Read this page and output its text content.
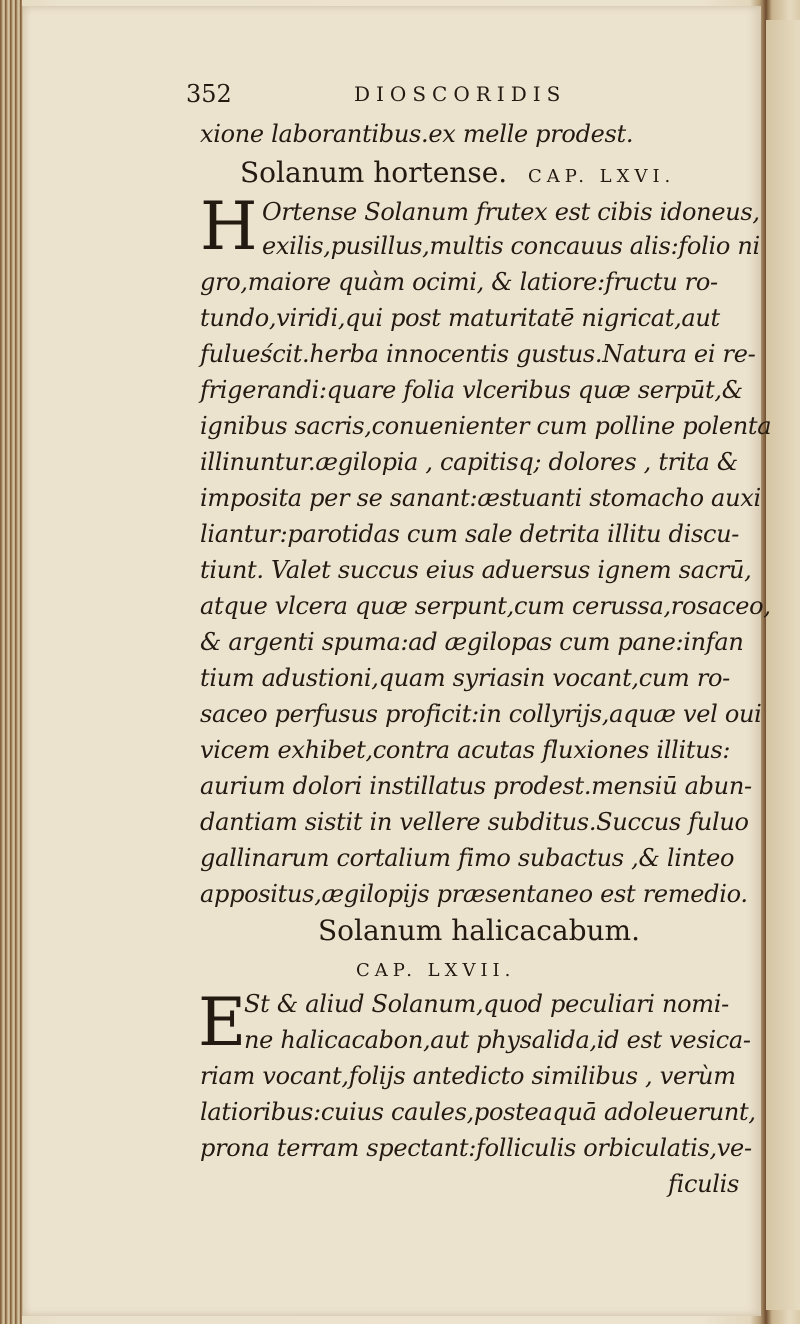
352	DIOSCORIDIS
xione laborantibus.ex melle prodest.
Solanum hortense. CAP. LXVI.
H Ortense Solanum frutex est cibis idoneus,
exilis,pusillus,multis concauus alis:folio ni
gro,maiore quàm ocimi, & latiore:fructu ro-
tundo,viridi,qui post maturitatē nigricat,aut
fulueścit.herba innocentis gustus.Natura ei re-
frigerandi:quare folia vlceribus quæ serpūt,&
ignibus sacris,conuenienter cum polline polenta
illinuntur.ægilopia , capitisq; dolores , trita &
imposita per se sanant:æstuanti stomacho auxi
liantur:parotidas cum sale detrita illitu discu-
tiunt. Valet succus eius aduersus ignem sacrū,
atque vlcera quæ serpunt,cum cerussa,rosaceo,
& argenti spuma:ad ægilopas cum pane:infan
tium adustioni,quam syriasin vocant,cum ro-
saceo perfusus proficit:in collyrijs,aquæ vel oui
vicem exhibet,contra acutas fluxiones illitus:
aurium dolori instillatus prodest.mensiū abun-
dantiam sistit in vellere subditus.Succus fuluo
gallinarum cortalium fimo subactus ,& linteo
appositus,ægilopijs præsentaneo est remedio.
Solanum halicacabum.
CAP. LXVII.
E
St & aliud Solanum,quod peculiari nomi-
ne halicacabon,aut physalida,id est vesica-
riam vocant,folijs antedicto similibus , verùm
latioribus:cuius caules,posteaquā adoleuerunt,
prona terram spectant:folliculis orbiculatis,ve-
ficulis
